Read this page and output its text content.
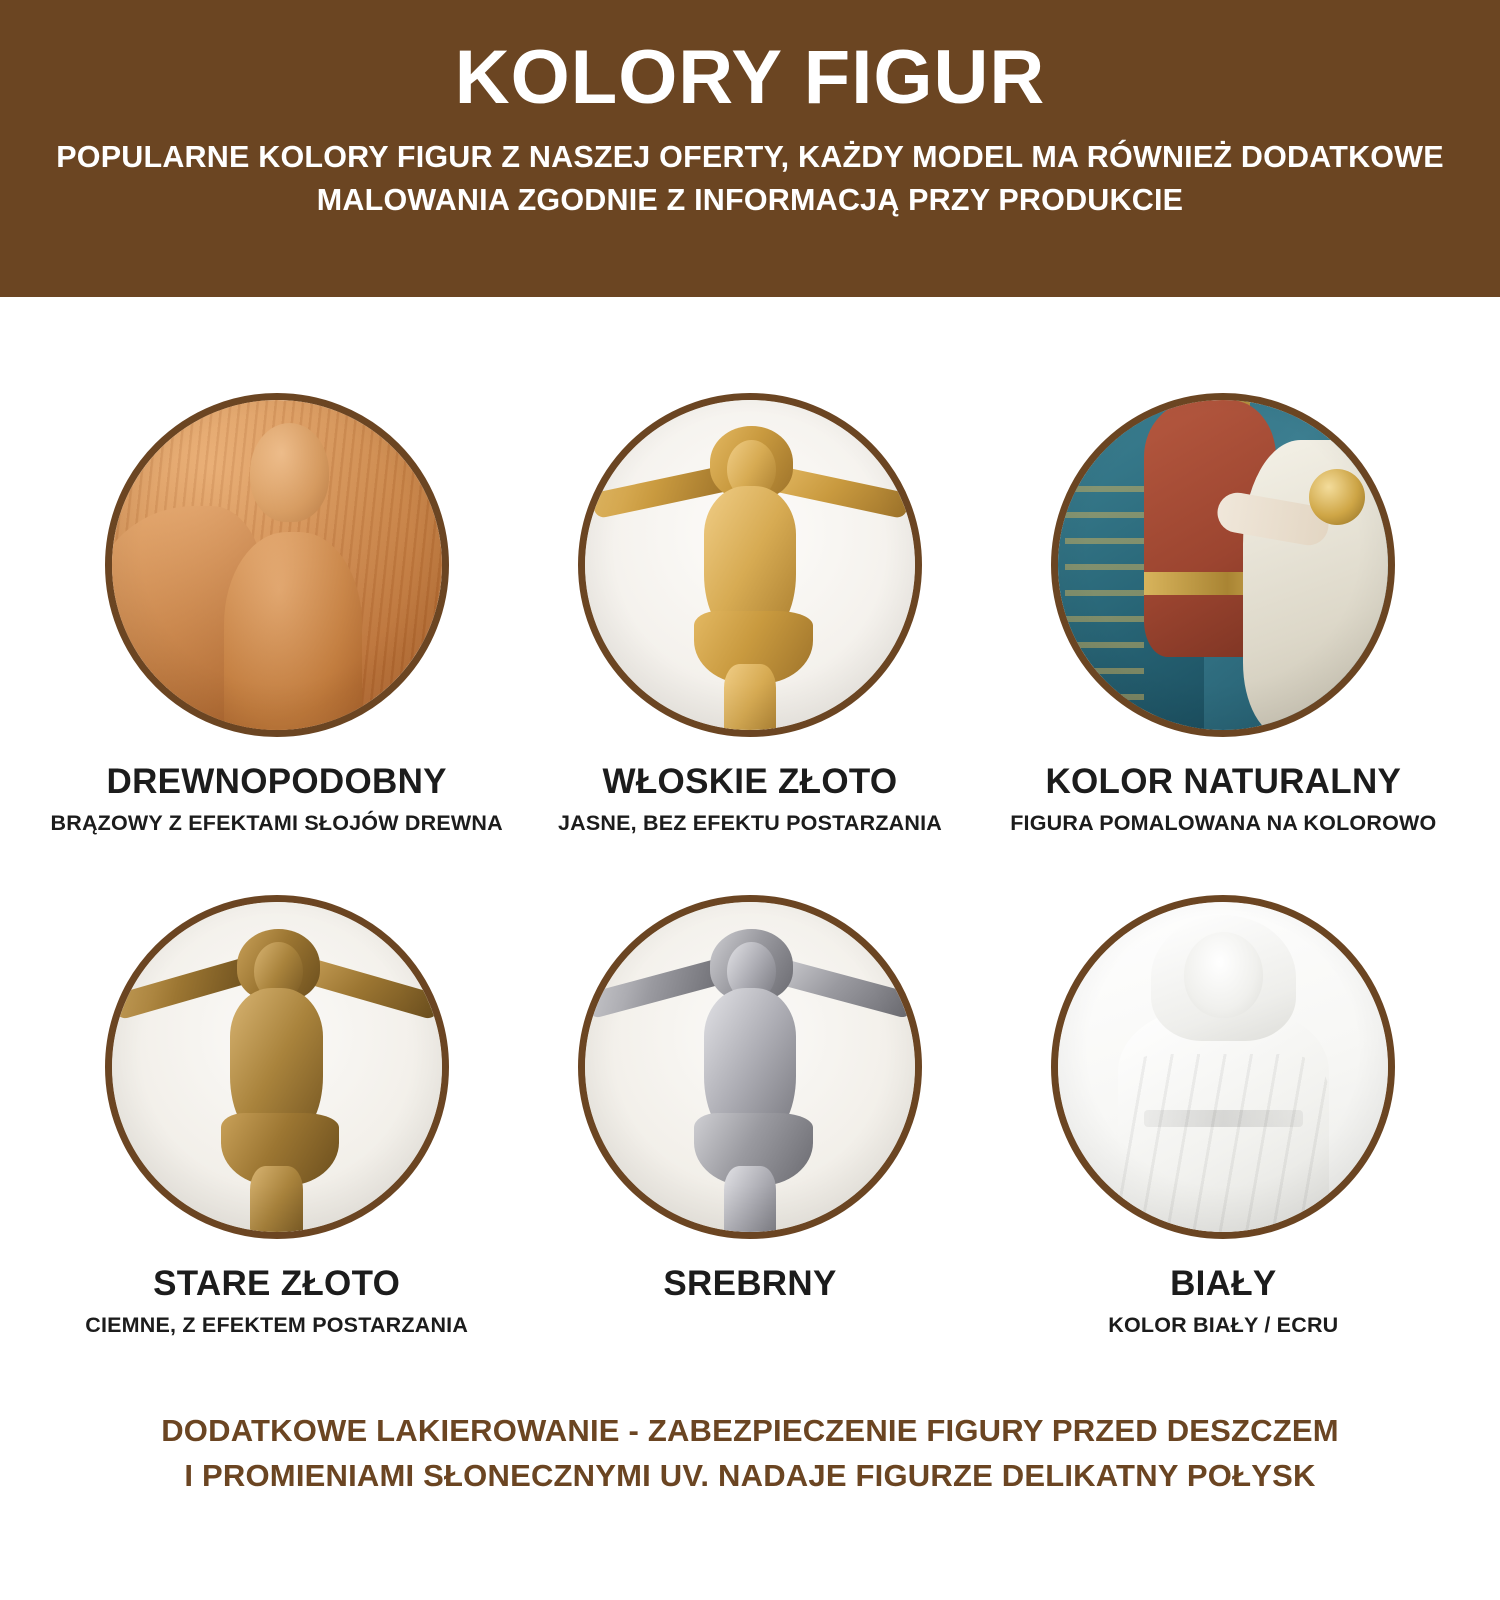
KOLORY FIGUR
POPULARNE KOLORY FIGUR Z NASZEJ OFERTY, KAŻDY MODEL MA RÓWNIEŻ DODATKOWE MALOWANIA ZGODNIE Z INFORMACJĄ PRZY PRODUKCIE
DREWNOPODOBNY
BRĄZOWY Z EFEKTAMI SŁOJÓW DREWNA
WŁOSKIE ZŁOTO
JASNE, BEZ EFEKTU POSTARZANIA
KOLOR NATURALNY
FIGURA POMALOWANA NA KOLOROWO
STARE ZŁOTO
CIEMNE, Z EFEKTEM POSTARZANIA
SREBRNY	BIAŁY
KOLOR BIAŁY / ECRU
DODATKOWE LAKIEROWANIE - ZABEZPIECZENIE FIGURY PRZED DESZCZEM
I PROMIENIAMI SŁONECZNYMI UV. NADAJE FIGURZE DELIKATNY POŁYSK
